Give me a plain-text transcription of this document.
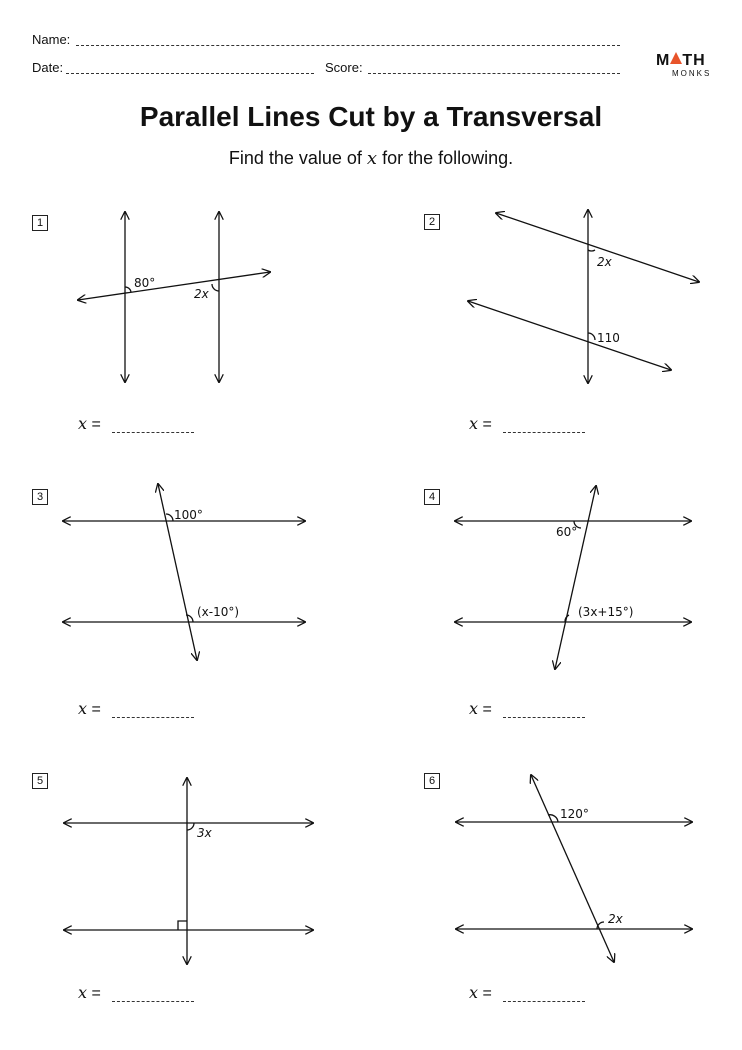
Name:
Date:	Score:	M TH
MONKS
Parallel Lines Cut by a Transversal
Find the value of x for the following.
1	2
3	4
5	6
x =	x =
x =	x =
x =	x =
80°
2x
2x
110
100°
(x-10°)
60°
(3x+15°)
3x
120°
2x
